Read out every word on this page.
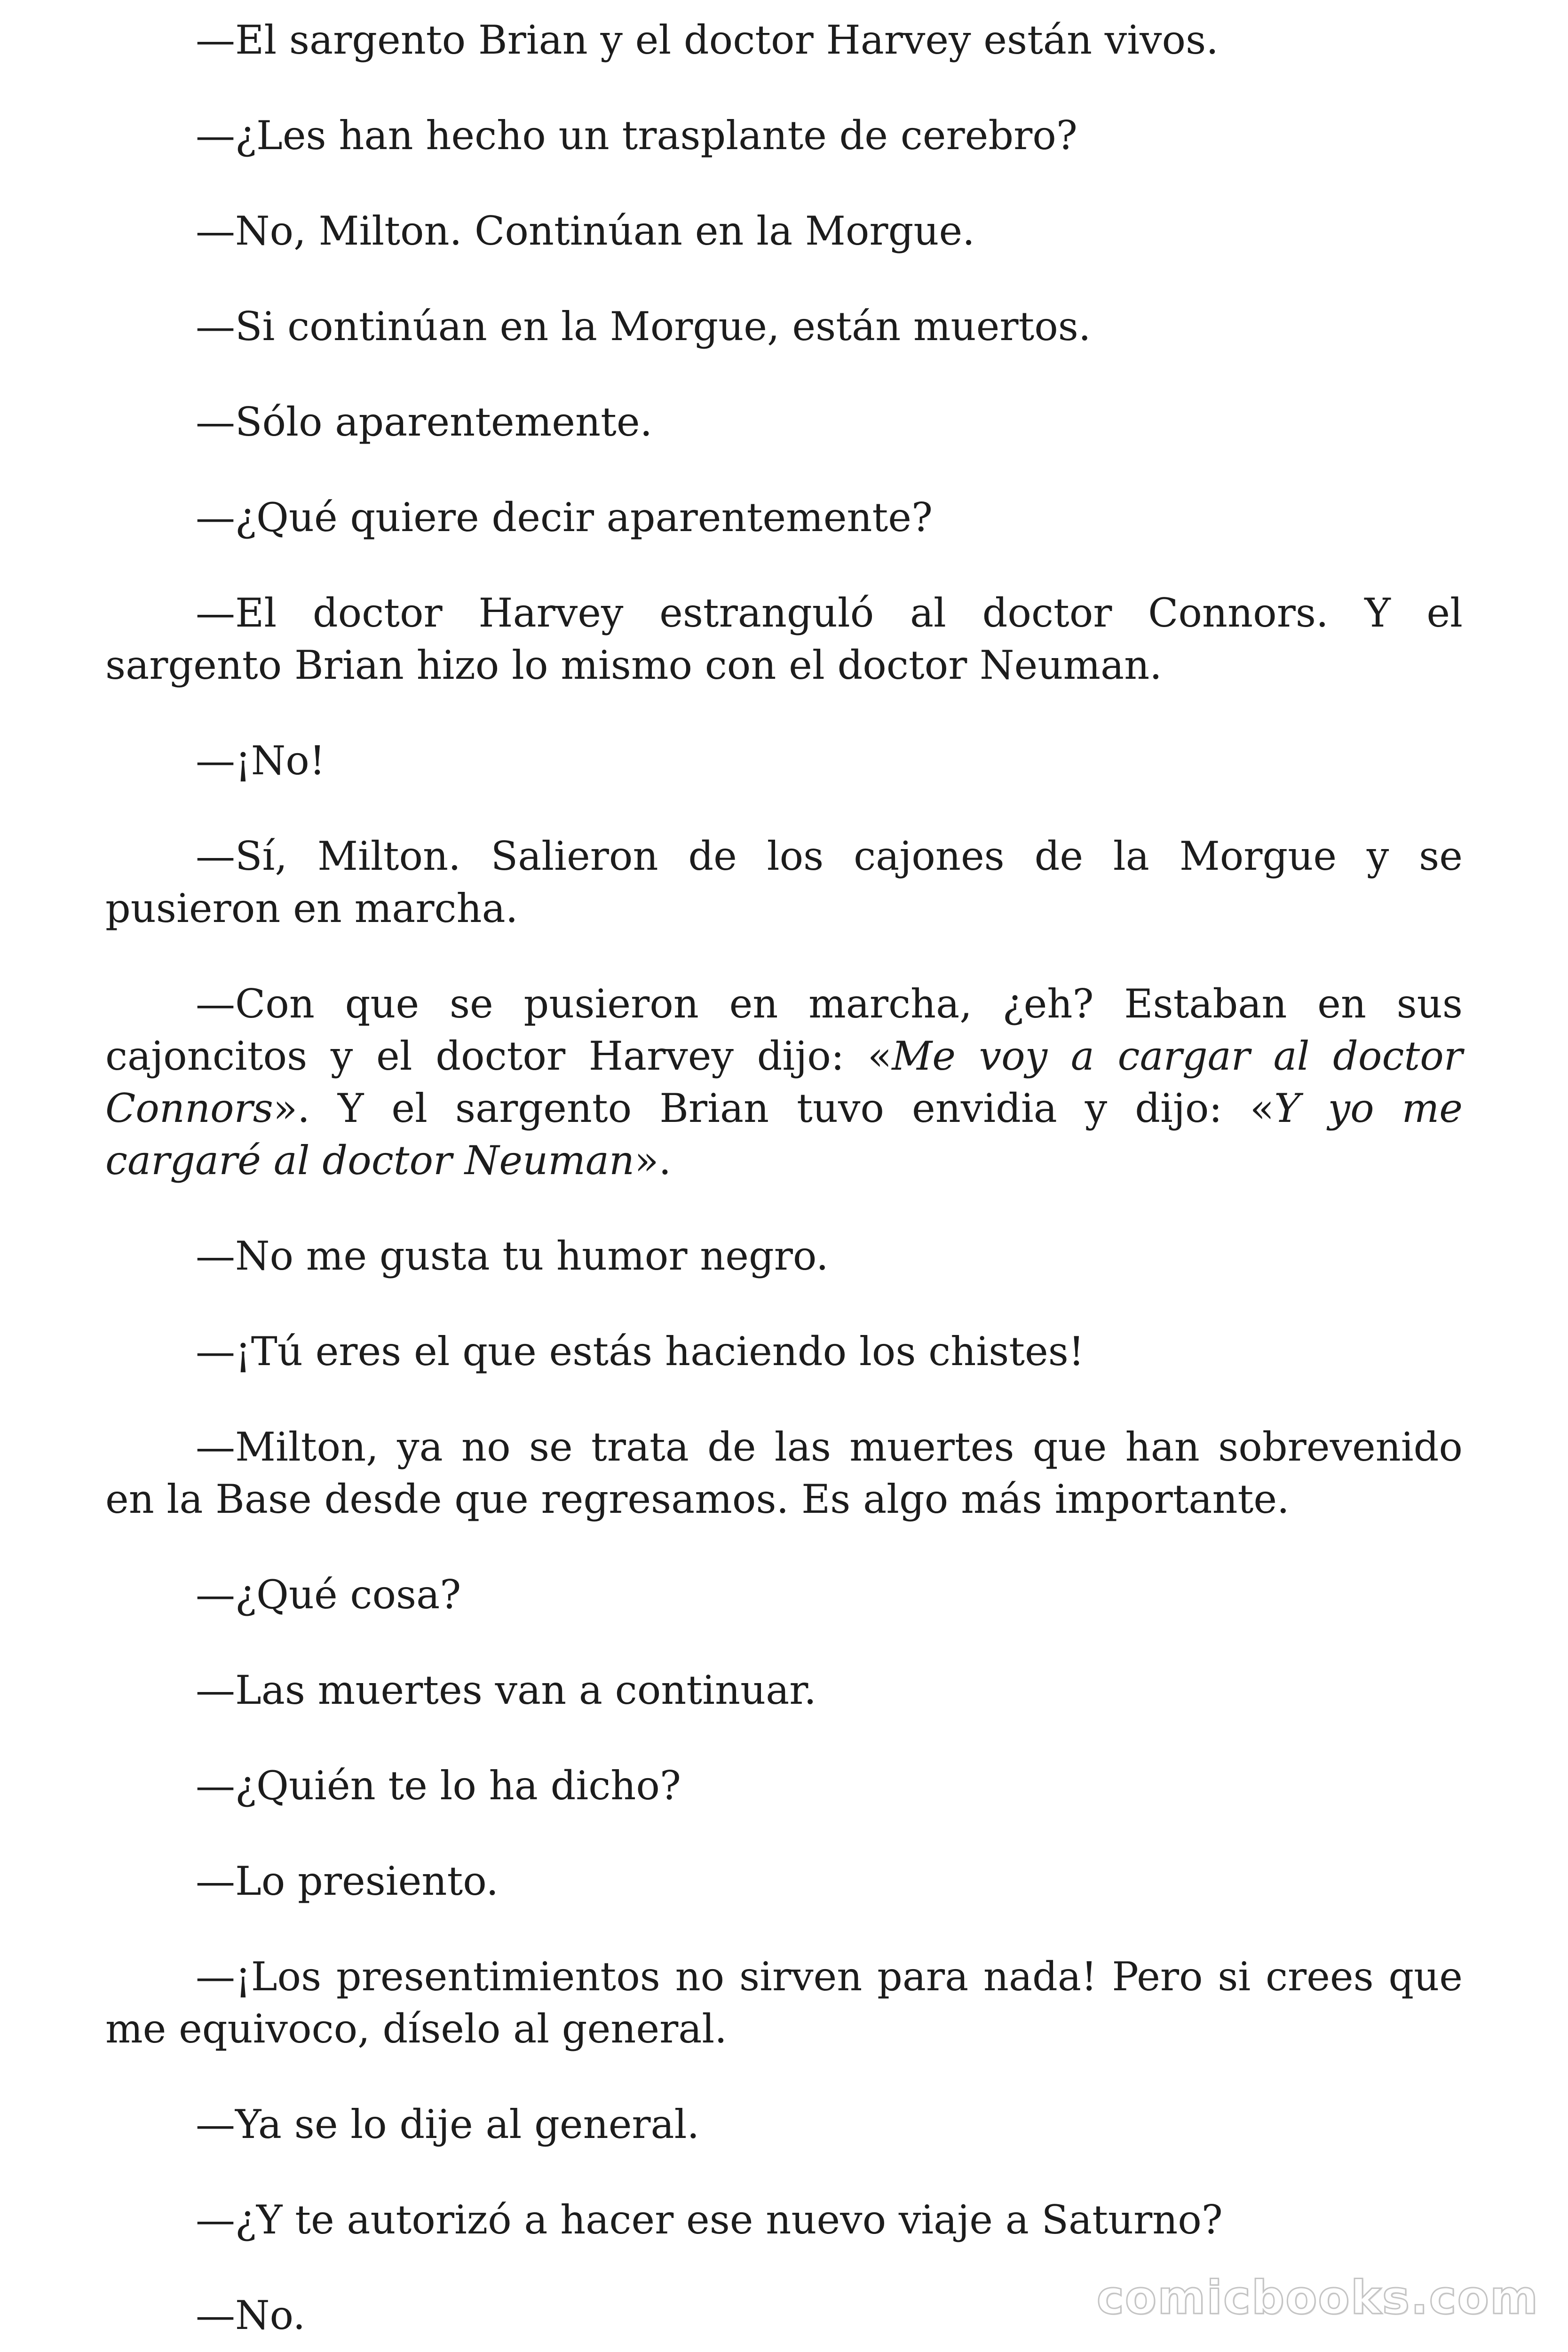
—El sargento Brian y el doctor Harvey están vivos.

—¿Les han hecho un trasplante de cerebro?

—No, Milton. Continúan en la Morgue.

—Si continúan en la Morgue, están muertos.

—Sólo aparentemente.

—¿Qué quiere decir aparentemente?

—El doctor Harvey estranguló al doctor Connors. Y el sargento Brian hizo lo mismo con el doctor Neuman.

—¡No!

—Sí, Milton. Salieron de los cajones de la Morgue y se pusieron en marcha.

—Con que se pusieron en marcha, ¿eh? Estaban en sus cajoncitos y el doctor Harvey dijo: «Me voy a cargar al doctor Connors». Y el sargento Brian tuvo envidia y dijo: «Y yo me cargaré al doctor Neuman».

—No me gusta tu humor negro.

—¡Tú eres el que estás haciendo los chistes!

—Milton, ya no se trata de las muertes que han sobrevenido en la Base desde que regresamos. Es algo más importante.

—¿Qué cosa?

—Las muertes van a continuar.

—¿Quién te lo ha dicho?

—Lo presiento.

—¡Los presentimientos no sirven para nada! Pero si crees que me equivoco, díselo al general.

—Ya se lo dije al general.

—¿Y te autorizó a hacer ese nuevo viaje a Saturno?

—No.	comicbooks.com
